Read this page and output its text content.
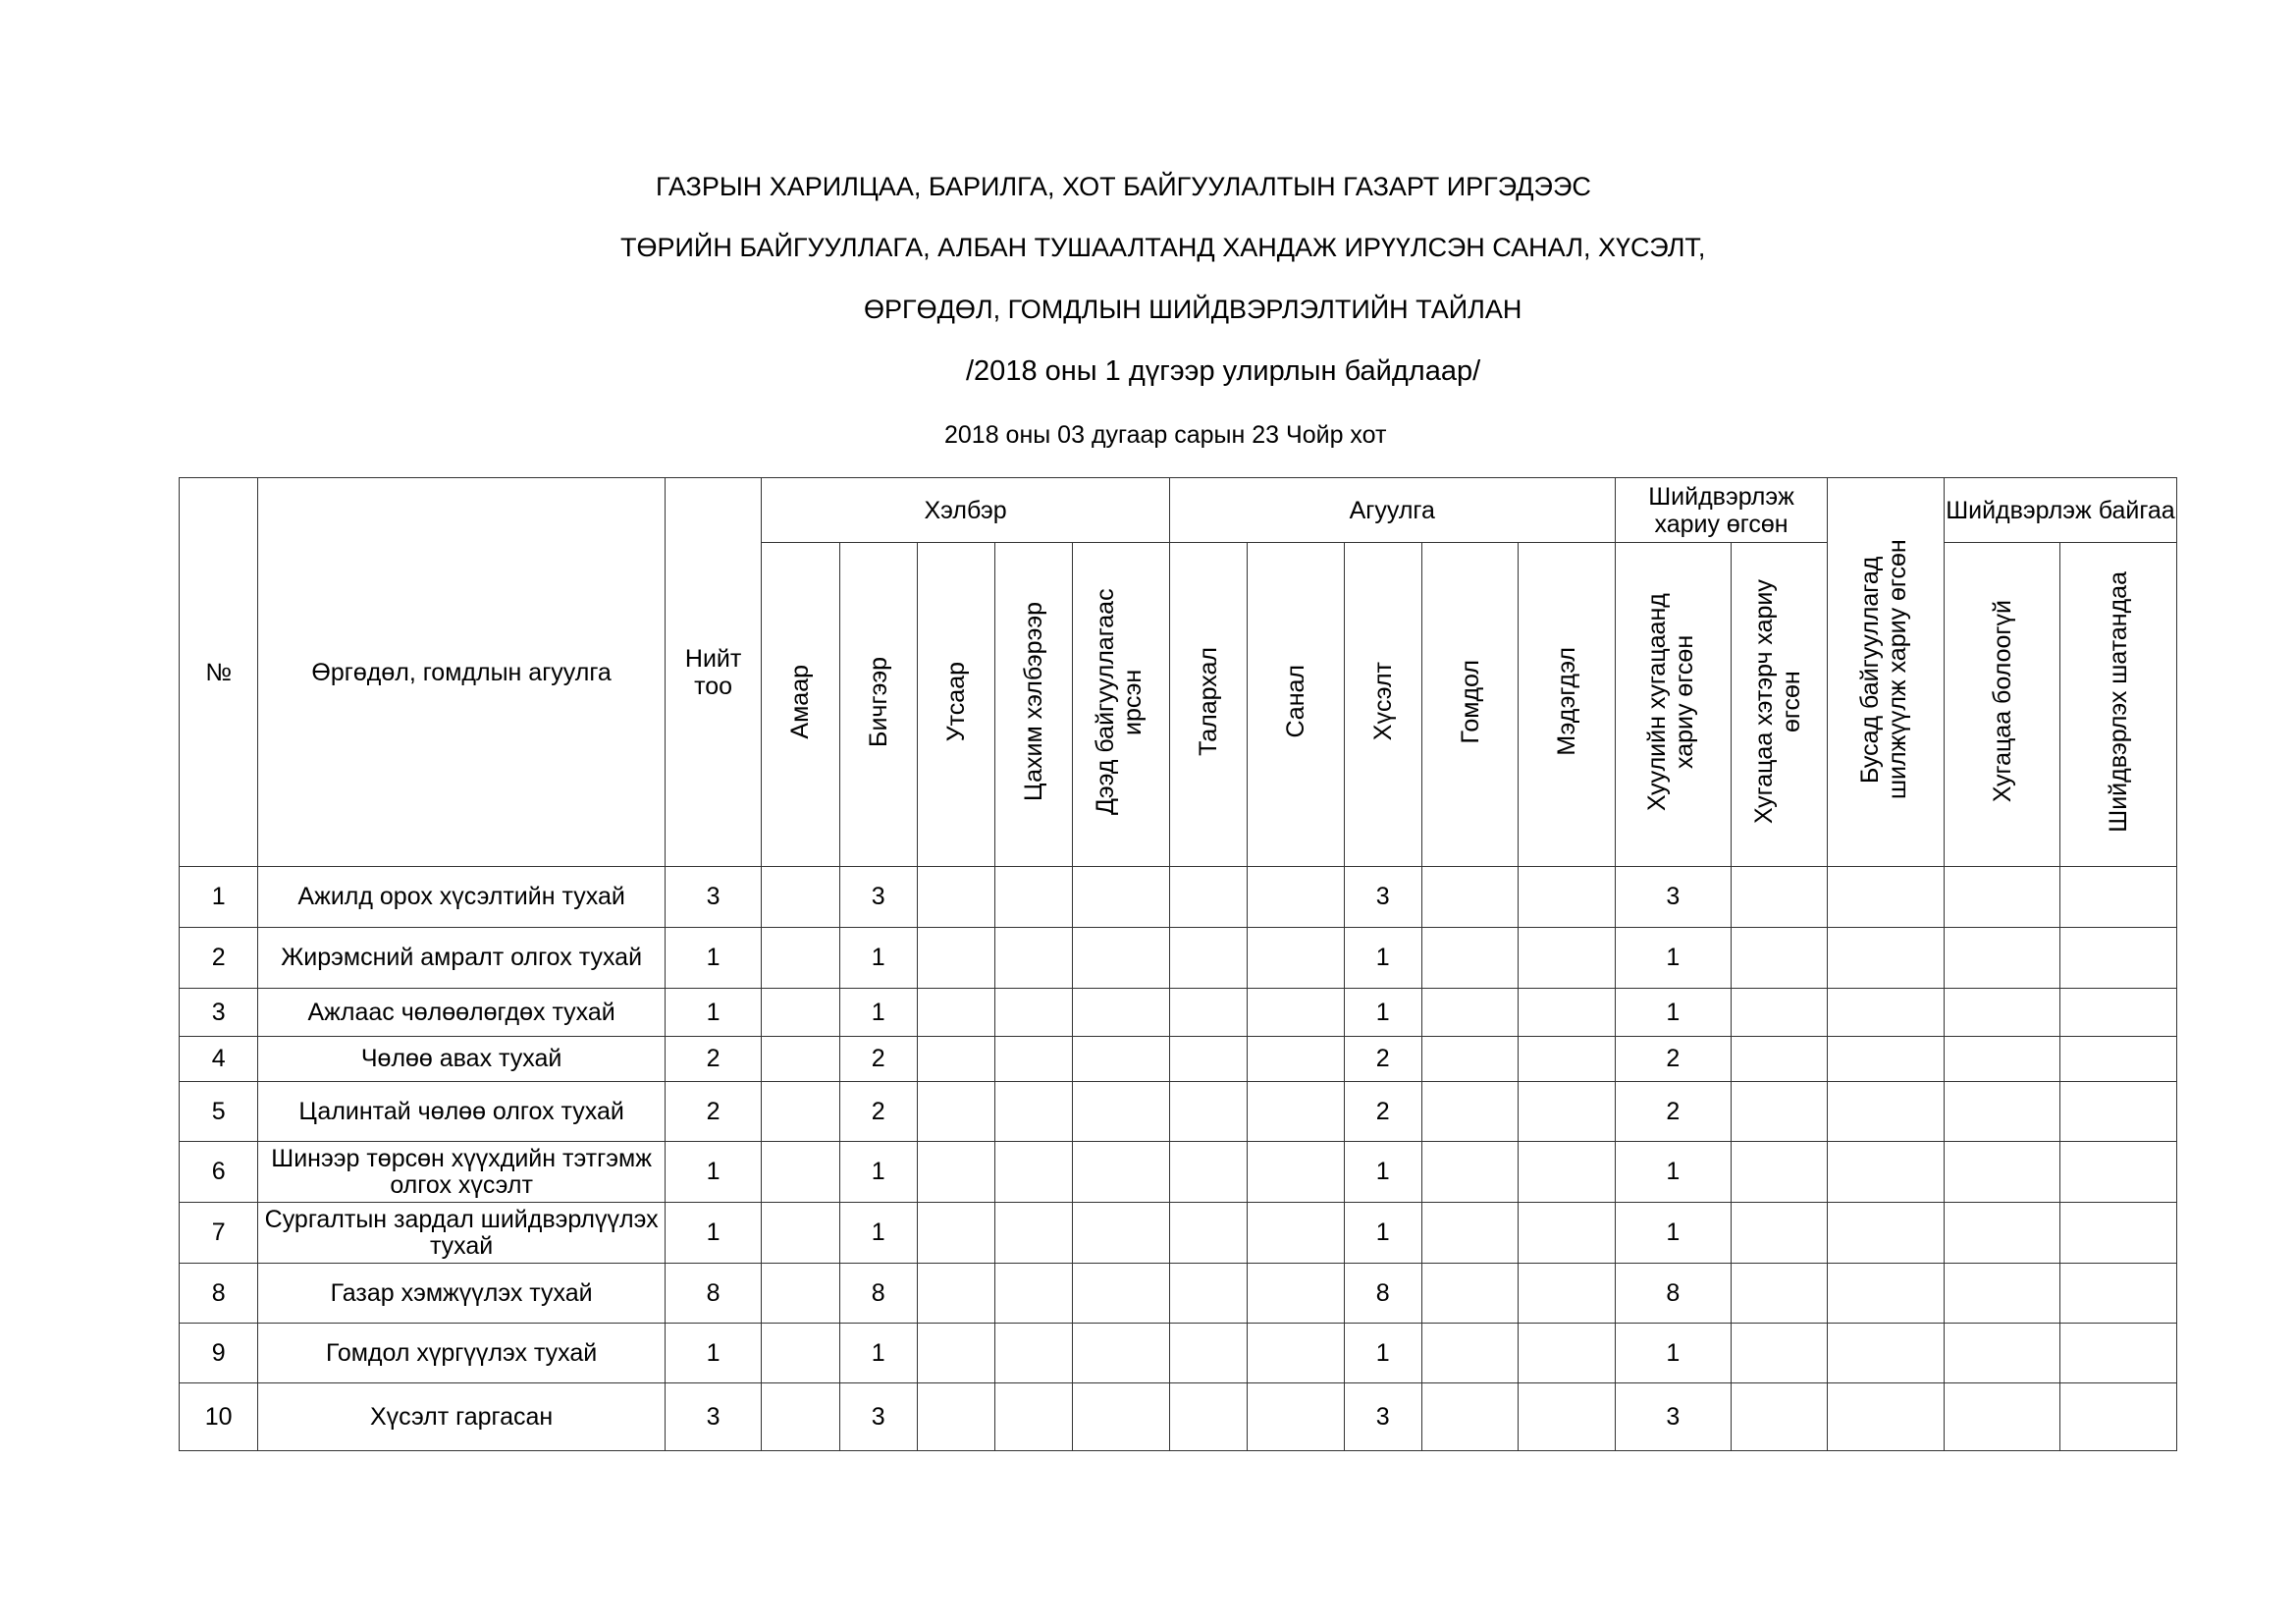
ГАЗРЫН ХАРИЛЦАА, БАРИЛГА, ХОТ БАЙГУУЛАЛТЫН ГАЗАРТ ИРГЭДЭЭС
ТӨРИЙН БАЙГУУЛЛАГА, АЛБАН ТУШААЛТАНД ХАНДАЖ ИРҮҮЛСЭН САНАЛ, ХҮСЭЛТ,
ӨРГӨДӨЛ, ГОМДЛЫН ШИЙДВЭРЛЭЛТИЙН ТАЙЛАН
/2018 оны 1 дүгээр улирлын байдлаар/
2018 оны 03 дугаар сарын 23 Чойр хот
№	Өргөдөл, гомдлын агуулга	Нийт тоо	Хэлбэр					Агуулга					Шийдвэрлэж хариу өгсөн		Бусад байгууллагад шилжүүлж хариу өгсөн	Шийдвэрлэж байгаа	
			Амаар	Бичгээр	Утсаар	Цахим хэлбэрээр	Дээд байгууллагаас ирсэн	Талархал	Санал	Хүсэлт	Гомдол	Мэдэгдэл	Хуулийн хугацаанд хариу өгсөн	Хугацаа хэтэрч хариу өгсөн		Хугацаа болоогүй	Шийдвэрлэх шатандаа
1	Ажилд орох хүсэлтийн тухай	3		3						3			3				
2	Жирэмсний амралт олгох тухай	1		1						1			1				
3	Ажлаас чөлөөлөгдөх тухай	1		1						1			1				
4	Чөлөө авах тухай	2		2						2			2				
5	Цалинтай чөлөө олгох тухай	2		2						2			2				
6	Шинээр төрсөн хүүхдийн тэтгэмж олгох хүсэлт	1		1						1			1				
7	Сургалтын зардал шийдвэрлүүлэх тухай	1		1						1			1				
8	Газар хэмжүүлэх тухай	8		8						8			8				
9	Гомдол хүргүүлэх тухай	1		1						1			1				
10	Хүсэлт гаргасан	3		3						3			3				
